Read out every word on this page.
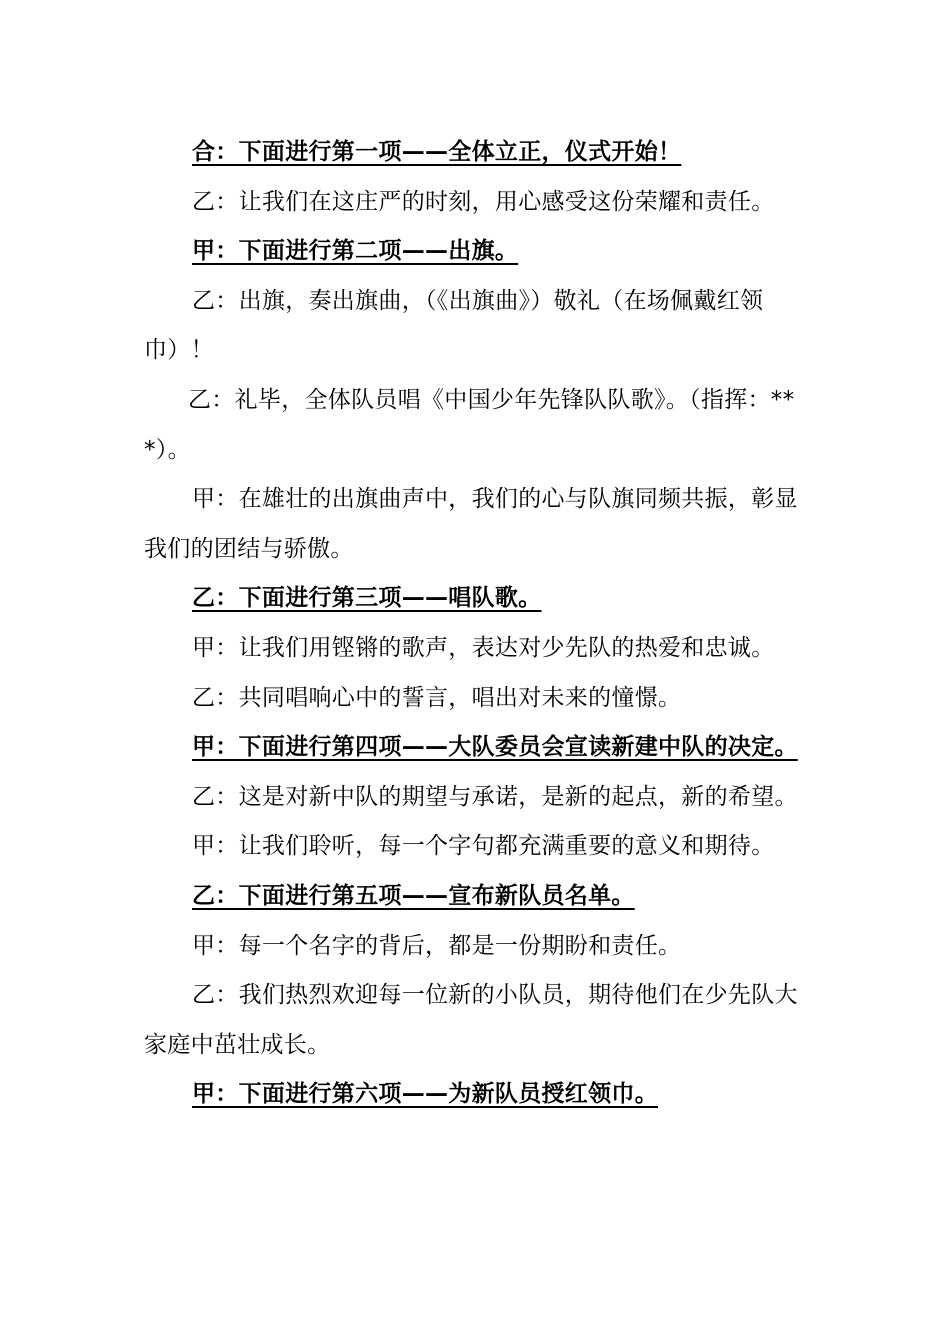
合：下面进行第一项——全体立正，仪式开始！

乙：让我们在这庄严的时刻，用心感受这份荣耀和责任。

甲：下面进行第二项——出旗。

乙：出旗，奏出旗曲，（《出旗曲》）敬礼（在场佩戴红领巾）！

乙：礼毕，全体队员唱《中国少年先锋队队歌》。（指挥：***）。

甲：在雄壮的出旗曲声中，我们的心与队旗同频共振，彰显我们的团结与骄傲。

乙：下面进行第三项——唱队歌。

甲：让我们用铿锵的歌声，表达对少先队的热爱和忠诚。

乙：共同唱响心中的誓言，唱出对未来的憧憬。

甲：下面进行第四项——大队委员会宣读新建中队的决定。

乙：这是对新中队的期望与承诺，是新的起点，新的希望。

甲：让我们聆听，每一个字句都充满重要的意义和期待。

乙：下面进行第五项——宣布新队员名单。

甲：每一个名字的背后，都是一份期盼和责任。

乙：我们热烈欢迎每一位新的小队员，期待他们在少先队大家庭中茁壮成长。

甲：下面进行第六项——为新队员授红领巾。
